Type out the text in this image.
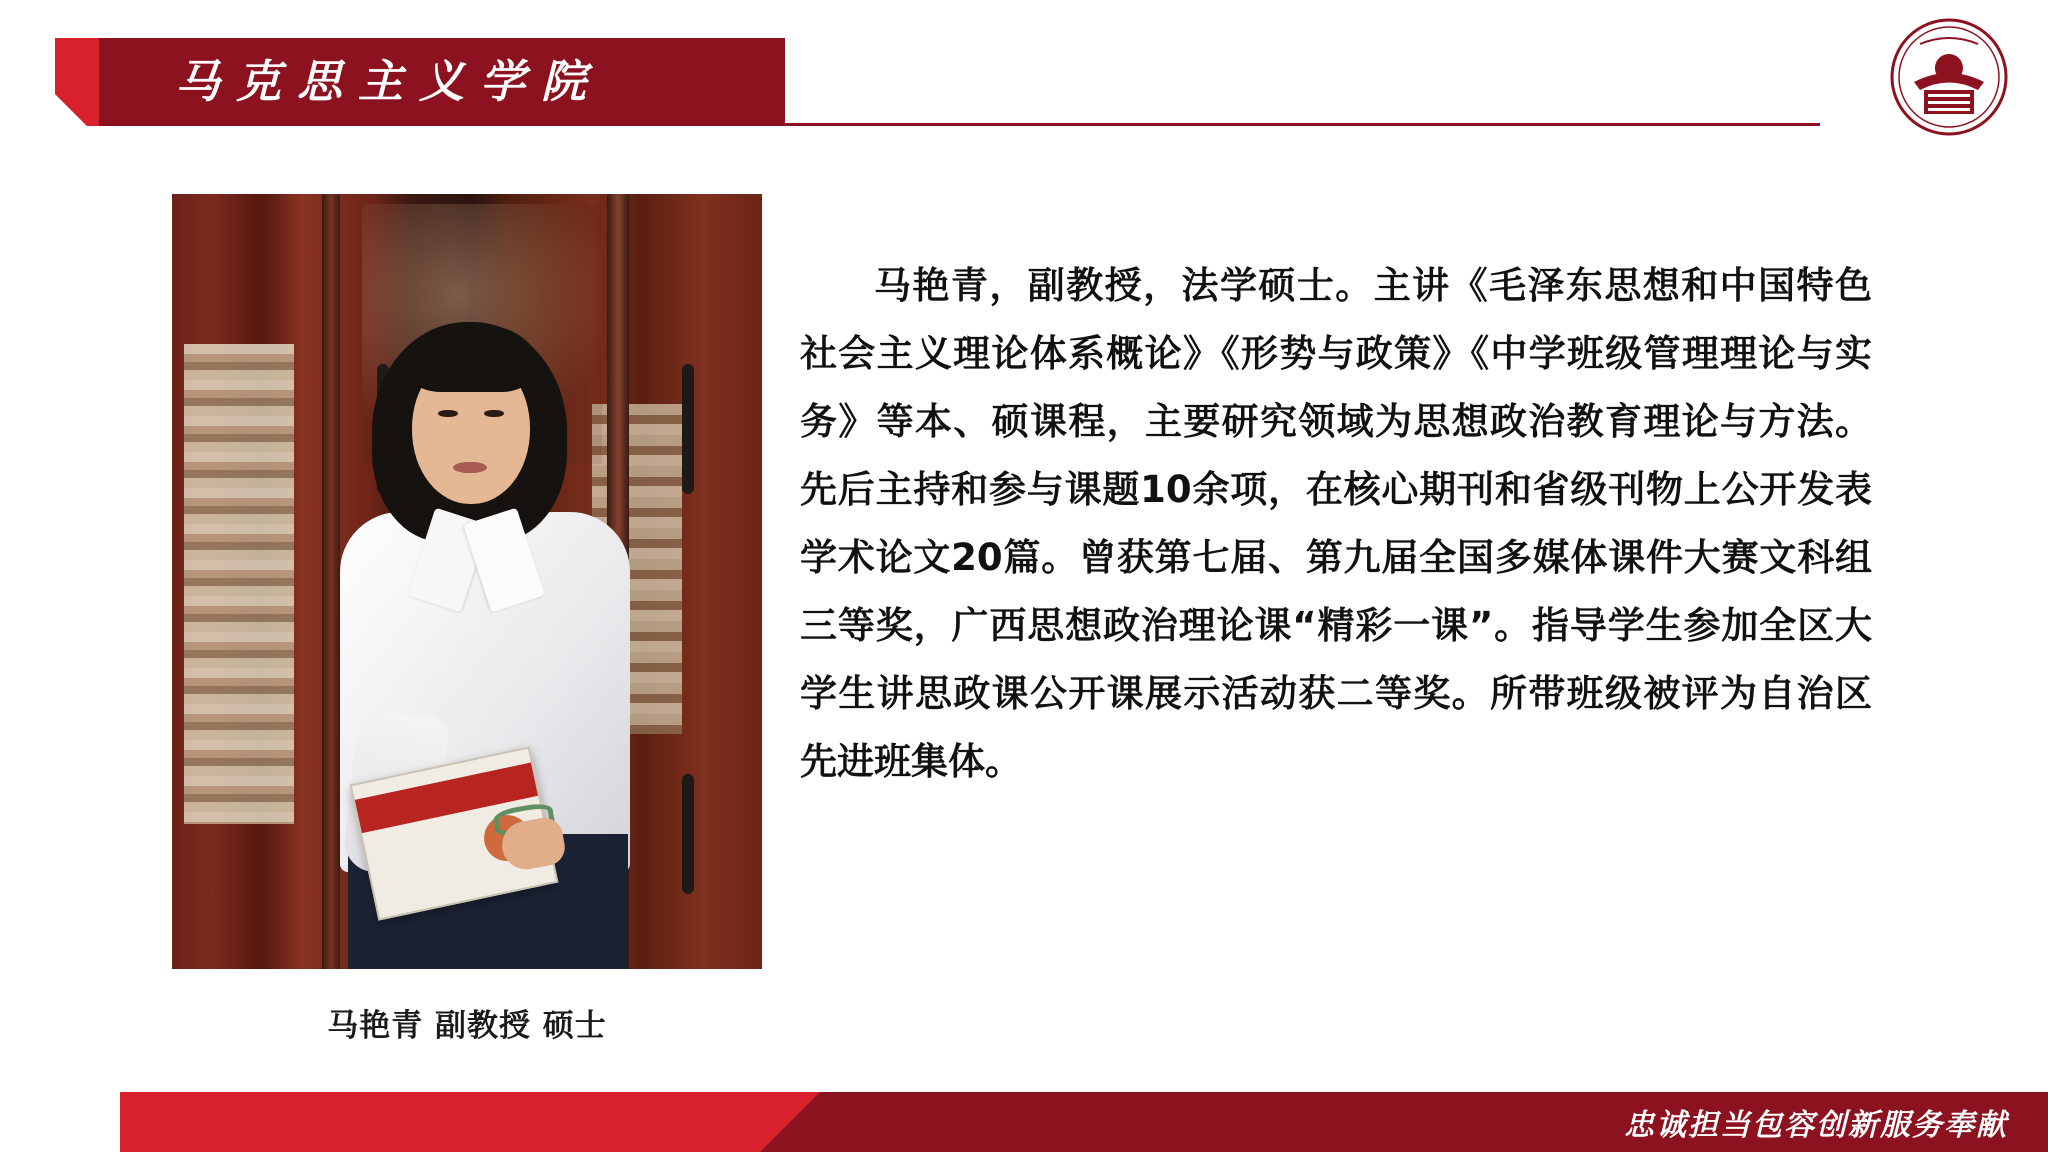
马克思主义学院
马艳青 副教授 硕士
马艳青，副教授，法学硕士。主讲《毛泽东思想和中国特色社会主义理论体系概论》《形势与政策》《中学班级管理理论与实务》等本、硕课程，主要研究领域为思想政治教育理论与方法。先后主持和参与课题10余项，在核心期刊和省级刊物上公开发表学术论文20篇。曾获第七届、第九届全国多媒体课件大赛文科组三等奖，广西思想政治理论课“精彩一课”。指导学生参加全区大学生讲思政课公开课展示活动获二等奖。所带班级被评为自治区先进班集体。
忠诚担当包容创新服务奉献
